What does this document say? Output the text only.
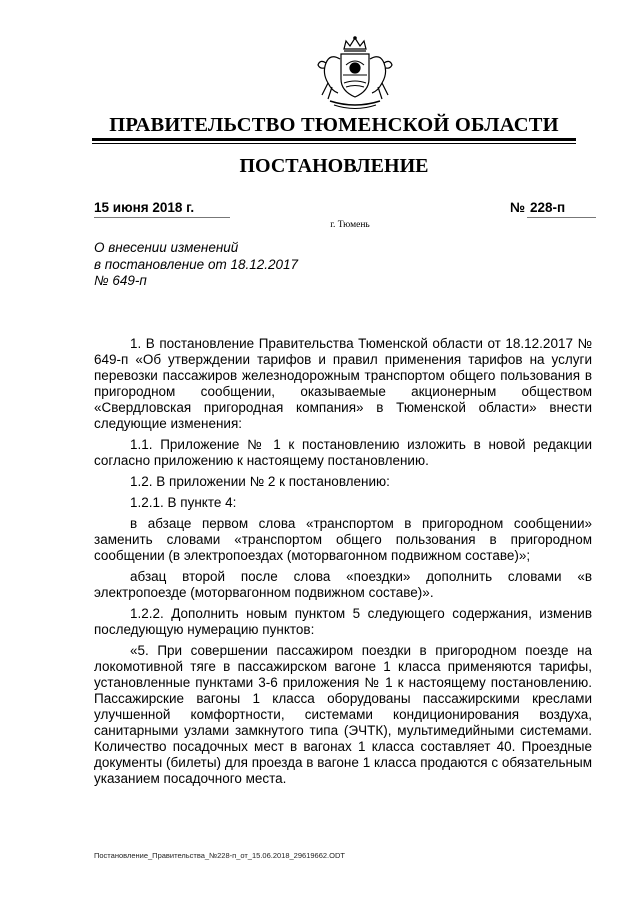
ПРАВИТЕЛЬСТВО ТЮМЕНСКОЙ ОБЛАСТИ
ПОСТАНОВЛЕНИЕ
15 июня 2018 г.	№ 228-п
г. Тюмень
О внесении изменений
в постановление от 18.12.2017
№ 649-п

1. В постановление Правительства Тюменской области от 18.12.2017 № 649-п «Об утверждении тарифов и правил применения тарифов на услуги перевозки пассажиров железнодорожным транспортом общего пользования в пригородном сообщении, оказываемые акционерным обществом «Свердловская пригородная компания» в Тюменской области» внести следующие изменения:

1.1. Приложение № 1 к постановлению изложить в новой редакции согласно приложению к настоящему постановлению.

1.2. В приложении № 2 к постановлению:

1.2.1. В пункте 4:

в абзаце первом слова «транспортом в пригородном сообщении» заменить словами «транспортом общего пользования в пригородном сообщении (в электропоездах (моторвагонном подвижном составе)»;

абзац второй после слова «поездки» дополнить словами «в электропоезде (моторвагонном подвижном составе)».

1.2.2. Дополнить новым пунктом 5 следующего содержания, изменив последующую нумерацию пунктов:

«5. При совершении пассажиром поездки в пригородном поезде на локомотивной тяге в пассажирском вагоне 1 класса применяются тарифы, установленные пунктами 3-6 приложения № 1 к настоящему постановлению. Пассажирские вагоны 1 класса оборудованы пассажирскими креслами улучшенной комфортности, системами кондиционирования воздуха, санитарными узлами замкнутого типа (ЭЧТК), мультимедийными системами. Количество посадочных мест в вагонах 1 класса составляет 40. Проездные документы (билеты) для проезда в вагоне 1 класса продаются с обязательным указанием посадочного места.

Постановление_Правительства_№228-п_от_15.06.2018_29619662.ODT
